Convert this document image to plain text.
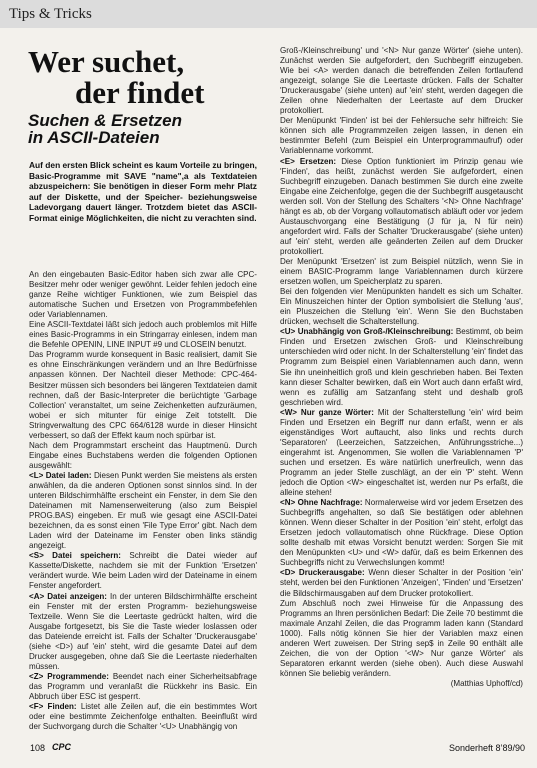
Tips & Tricks
Wer suchet,
der findet
Suchen & Ersetzen
in ASCII-Dateien

Auf den ersten Blick scheint es kaum Vorteile zu bringen, Basic-Programme mit SAVE "name",a als Textdateien abzuspeichern: Sie benötigen in dieser Form mehr Platz auf der Diskette, und der Speicher- beziehungsweise Ladevorgang dauert länger. Trotzdem bietet das ASCII-Format einige Möglichkeiten, die nicht zu verachten sind.

An den eingebauten Basic-Editor haben sich zwar alle CPC-Besitzer mehr oder weniger gewöhnt. Leider fehlen jedoch eine ganze Reihe wichtiger Funktionen, wie zum Beispiel das automatische Suchen und Ersetzen von Programmbefehlen oder Variablennamen.

Eine ASCII-Textdatei läßt sich jedoch auch problemlos mit Hilfe eines Basic-Programms in ein Stringarray einlesen, indem man die Befehle OPENIN, LINE INPUT #9 und CLOSEIN benutzt.

Das Programm wurde konsequent in Basic realisiert, damit Sie es ohne Einschränkungen verändern und an Ihre Bedürfnisse anpassen können. Der Nachteil dieser Methode: CPC-464-Besitzer müssen sich besonders bei längeren Textdateien damit rechnen, daß der Basic-Interpreter die berüchtigte 'Garbage Collection' veranstaltet, um seine Zeichenketten aufzuräumen, wobei er sich mitunter für einige Zeit totstellt. Die Stringverwaltung des CPC 664/6128 wurde in dieser Hinsicht verbessert, so daß der Effekt kaum noch spürbar ist.

Nach dem Programmstart erscheint das Hauptmenü. Durch Eingabe eines Buchstabens werden die folgenden Optionen ausgewählt:

<L> Datei laden: Diesen Punkt werden Sie meistens als ersten anwählen, da die anderen Optionen sonst sinnlos sind. In der unteren Bildschirmhälfte erscheint ein Fenster, in dem Sie den Dateinamen mit Namenserweiterung (also zum Beispiel PROG.BAS) eingeben. Er muß wie gesagt eine ASCII-Datei bezeichnen, da es sonst einen 'File Type Error' gibt. Nach dem Laden wird der Dateiname im Fenster oben links ständig angezeigt.

<S> Datei speichern: Schreibt die Datei wieder auf Kassette/Diskette, nachdem sie mit der Funktion 'Ersetzen' verändert wurde. Wie beim Laden wird der Dateiname in einem Fenster angefordert.

<A> Datei anzeigen: In der unteren Bildschirmhälfte erscheint ein Fenster mit der ersten Programm- beziehungsweise Textzeile. Wenn Sie die Leertaste gedrückt halten, wird die Ausgabe fortgesetzt, bis Sie die Taste wieder loslassen oder das Dateiende erreicht ist. Falls der Schalter 'Druckerausgabe' (siehe <D>) auf 'ein' steht, wird die gesamte Datei auf dem Drucker ausgegeben, ohne daß Sie die Leertaste niederhalten müssen.

<Z> Programmende: Beendet nach einer Sicherheitsabfrage das Programm und veranlaßt die Rückkehr ins Basic. Ein Abbruch über ESC ist gesperrt.

<F> Finden: Listet alle Zeilen auf, die ein bestimmtes Wort oder eine bestimmte Zeichenfolge enthalten. Beeinflußt wird der Suchvorgang durch die Schalter '<U> Unabhängig von

Groß-/Kleinschreibung' und '<N> Nur ganze Wörter' (siehe unten). Zunächst werden Sie aufgefordert, den Suchbegriff einzugeben. Wie bei <A> werden danach die betreffenden Zeilen fortlaufend angezeigt, solange Sie die Leertaste drücken. Falls der Schalter 'Druckerausgabe' (siehe unten) auf 'ein' steht, werden dagegen die Zeilen ohne Niederhalten der Leertaste auf dem Drucker protokolliert.

Der Menüpunkt 'Finden' ist bei der Fehlersuche sehr hilfreich: Sie können sich alle Programmzeilen zeigen lassen, in denen ein bestimmter Befehl (zum Beispiel ein Unterprogrammaufruf) oder Variablenname vorkommt.

<E> Ersetzen: Diese Option funktioniert im Prinzip genau wie 'Finden', das heißt, zunächst werden Sie aufgefordert, einen Suchbegriff einzugeben. Danach bestimmen Sie durch eine zweite Eingabe eine Zeichenfolge, gegen die der Suchbegriff ausgetauscht werden soll. Von der Stellung des Schalters '<N> Ohne Nachfrage' hängt es ab, ob der Vorgang vollautomatisch abläuft oder vor jedem Austauschvorgang eine Bestätigung (J für ja, N für nein) angefordert wird. Falls der Schalter 'Druckerausgabe' (siehe unten) auf 'ein' steht, werden alle geänderten Zeilen auf dem Drucker protokolliert.

Der Menüpunkt 'Ersetzen' ist zum Beispiel nützlich, wenn Sie in einem BASIC-Programm lange Variablennamen durch kürzere ersetzen wollen, um Speicherplatz zu sparen.

Bei den folgenden vier Menüpunkten handelt es sich um Schalter. Ein Minuszeichen hinter der Option symbolisiert die Stellung 'aus', ein Pluszeichen die Stellung 'ein'. Wenn Sie den Buchstaben drücken, wechselt die Schalterstellung.

<U> Unabhängig von Groß-/Kleinschreibung: Bestimmt, ob beim Finden und Ersetzen zwischen Groß- und Kleinschreibung unterschieden wird oder nicht. In der Schalterstellung 'ein' findet das Programm zum Beispiel einen Variablennamen auch dann, wenn Sie ihn uneinheitlich groß und klein geschrieben haben. Bei Texten kann dieser Schalter bewirken, daß ein Wort auch dann erfaßt wird, wenn es zufällig am Satzanfang steht und deshalb groß geschrieben wird.

<W> Nur ganze Wörter: Mit der Schalterstellung 'ein' wird beim Finden und Ersetzen ein Begriff nur dann erfaßt, wenn er als eigenständiges Wort auftaucht, also links und rechts durch 'Separatoren' (Leerzeichen, Satzzeichen, Anführungsstriche...) eingerahmt ist. Angenommen, Sie wollen die Variablennamen 'P' suchen und ersetzen. Es wäre natürlich unerfreulich, wenn das Programm an jeder Stelle zuschlägt, an der ein 'P' steht. Wenn jedoch die Option <W> eingeschaltet ist, werden nur Ps erfaßt, die alleine stehen!

<N> Ohne Nachfrage: Normalerweise wird vor jedem Ersetzen des Suchbegriffs angehalten, so daß Sie bestätigen oder ablehnen können. Wenn dieser Schalter in der Position 'ein' steht, erfolgt das Ersetzen jedoch vollautomatisch ohne Rückfrage. Diese Option sollte deshalb mit etwas Vorsicht benutzt werden: Sorgen Sie mit den Menüpunkten <U> und <W> dafür, daß es beim Erkennen des Suchbegriffs nicht zu Verwechslungen kommt!

<D> Druckerausgabe: Wenn dieser Schalter in der Position 'ein' steht, werden bei den Funktionen 'Anzeigen', 'Finden' und 'Ersetzen' die Bildschirmausgaben auf dem Drucker protokolliert.

Zum Abschluß noch zwei Hinweise für die Anpassung des Programms an Ihren persönlichen Bedarf: Die Zeile 70 bestimmt die maximale Anzahl Zeilen, die das Programm laden kann (Standard 1000). Falls nötig können Sie hier der Variablen maxz einen anderen Wert zuweisen. Der String sep$ in Zeile 90 enthält alle Zeichen, die von der Option '<W> Nur ganze Wörter' als Separatoren erkannt werden (siehe oben). Auch diese Auswahl können Sie beliebig verändern.

(Matthias Uphoff/cd)

108 CPC	Sonderheft 8’89/90
